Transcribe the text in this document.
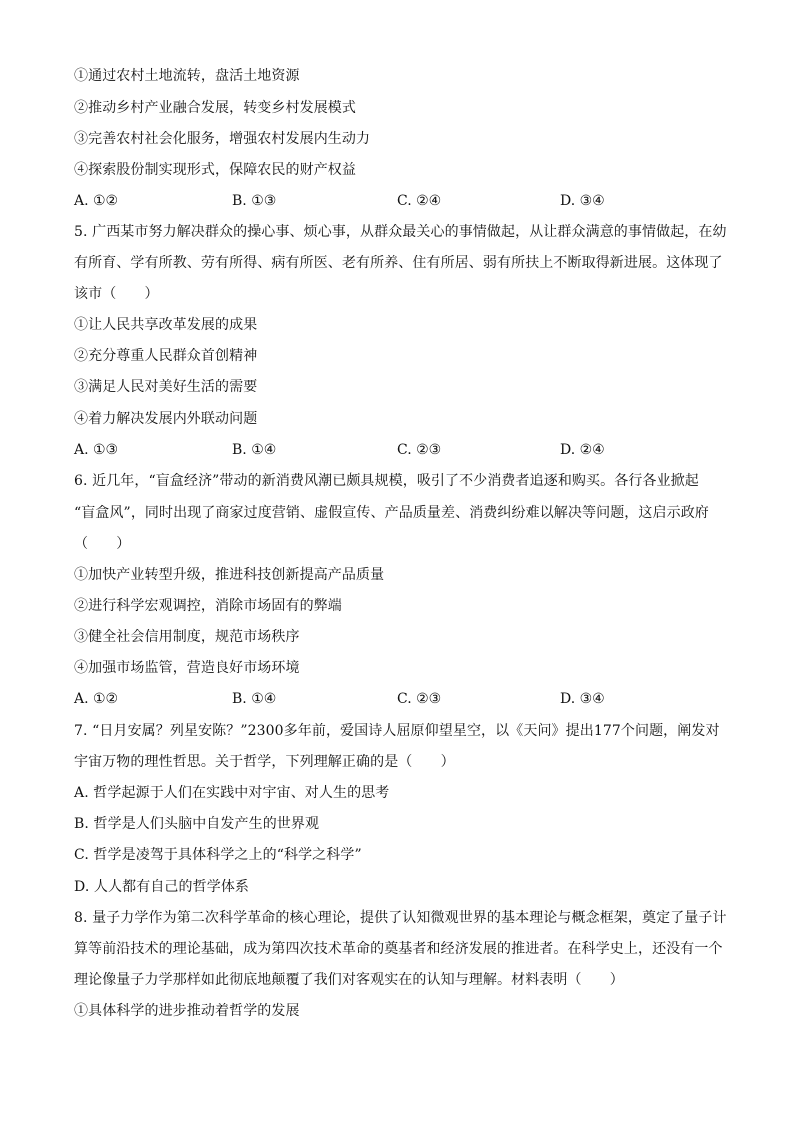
①通过农村土地流转，盘活土地资源
②推动乡村产业融合发展，转变乡村发展模式
③完善农村社会化服务，增强农村发展内生动力
④探索股份制实现形式，保障农民的财产权益
A. ①②	B. ①③	C. ②④	D. ③④
5. 广西某市努力解决群众的操心事、烦心事，从群众最关心的事情做起，从让群众满意的事情做起，在幼
有所育、学有所教、劳有所得、病有所医、老有所养、住有所居、弱有所扶上不断取得新进展。这体现了
该市（　　）
①让人民共享改革发展的成果
②充分尊重人民群众首创精神
③满足人民对美好生活的需要
④着力解决发展内外联动问题
A. ①③	B. ①④	C. ②③	D. ②④
6. 近几年，“盲盒经济”带动的新消费风潮已颇具规模，吸引了不少消费者追逐和购买。各行各业掀起
“盲盒风”，同时出现了商家过度营销、虚假宣传、产品质量差、消费纠纷难以解决等问题，这启示政府
（　　）
①加快产业转型升级，推进科技创新提高产品质量
②进行科学宏观调控，消除市场固有的弊端
③健全社会信用制度，规范市场秩序
④加强市场监管，营造良好市场环境
A. ①②	B. ①④	C. ②③	D. ③④
7. “日月安属？列星安陈？”2300多年前，爱国诗人屈原仰望星空，以《天问》提出177个问题，阐发对
宇宙万物的理性哲思。关于哲学，下列理解正确的是（　　）
A. 哲学起源于人们在实践中对宇宙、对人生的思考
B. 哲学是人们头脑中自发产生的世界观
C. 哲学是凌驾于具体科学之上的“科学之科学”
D. 人人都有自己的哲学体系
8. 量子力学作为第二次科学革命的核心理论，提供了认知微观世界的基本理论与概念框架，奠定了量子计
算等前沿技术的理论基础，成为第四次技术革命的奠基者和经济发展的推进者。在科学史上，还没有一个
理论像量子力学那样如此彻底地颠覆了我们对客观实在的认知与理解。材料表明（　　）
①具体科学的进步推动着哲学的发展
